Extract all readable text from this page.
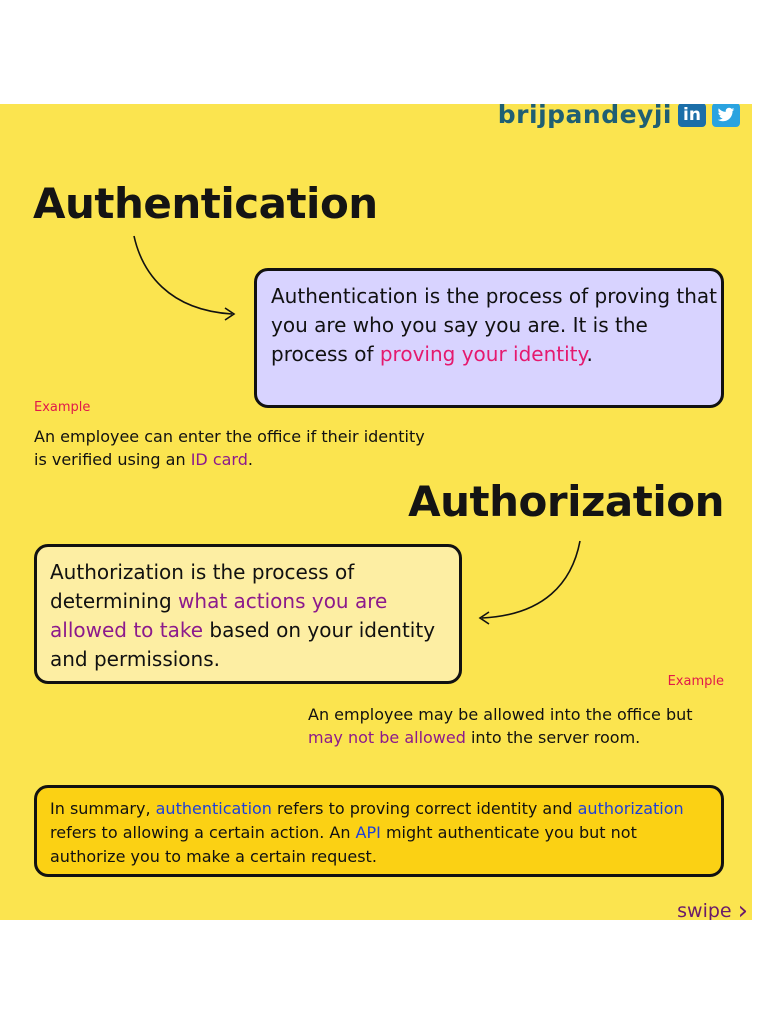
brijpandeyji in
Authentication
Authentication is the process of proving that you are who you say you are. It is the process of proving your identity.
Example
An employee can enter the office if their identity is verified using an ID card.
Authorization
Authorization is the process of determining what actions you are allowed to take based on your identity and permissions.
Example
An employee may be allowed into the office but may not be allowed into the server room.
In summary, authentication refers to proving correct identity and authorization refers to allowing a certain action. An API might authenticate you but not authorize you to make a certain request.
swipe ›
